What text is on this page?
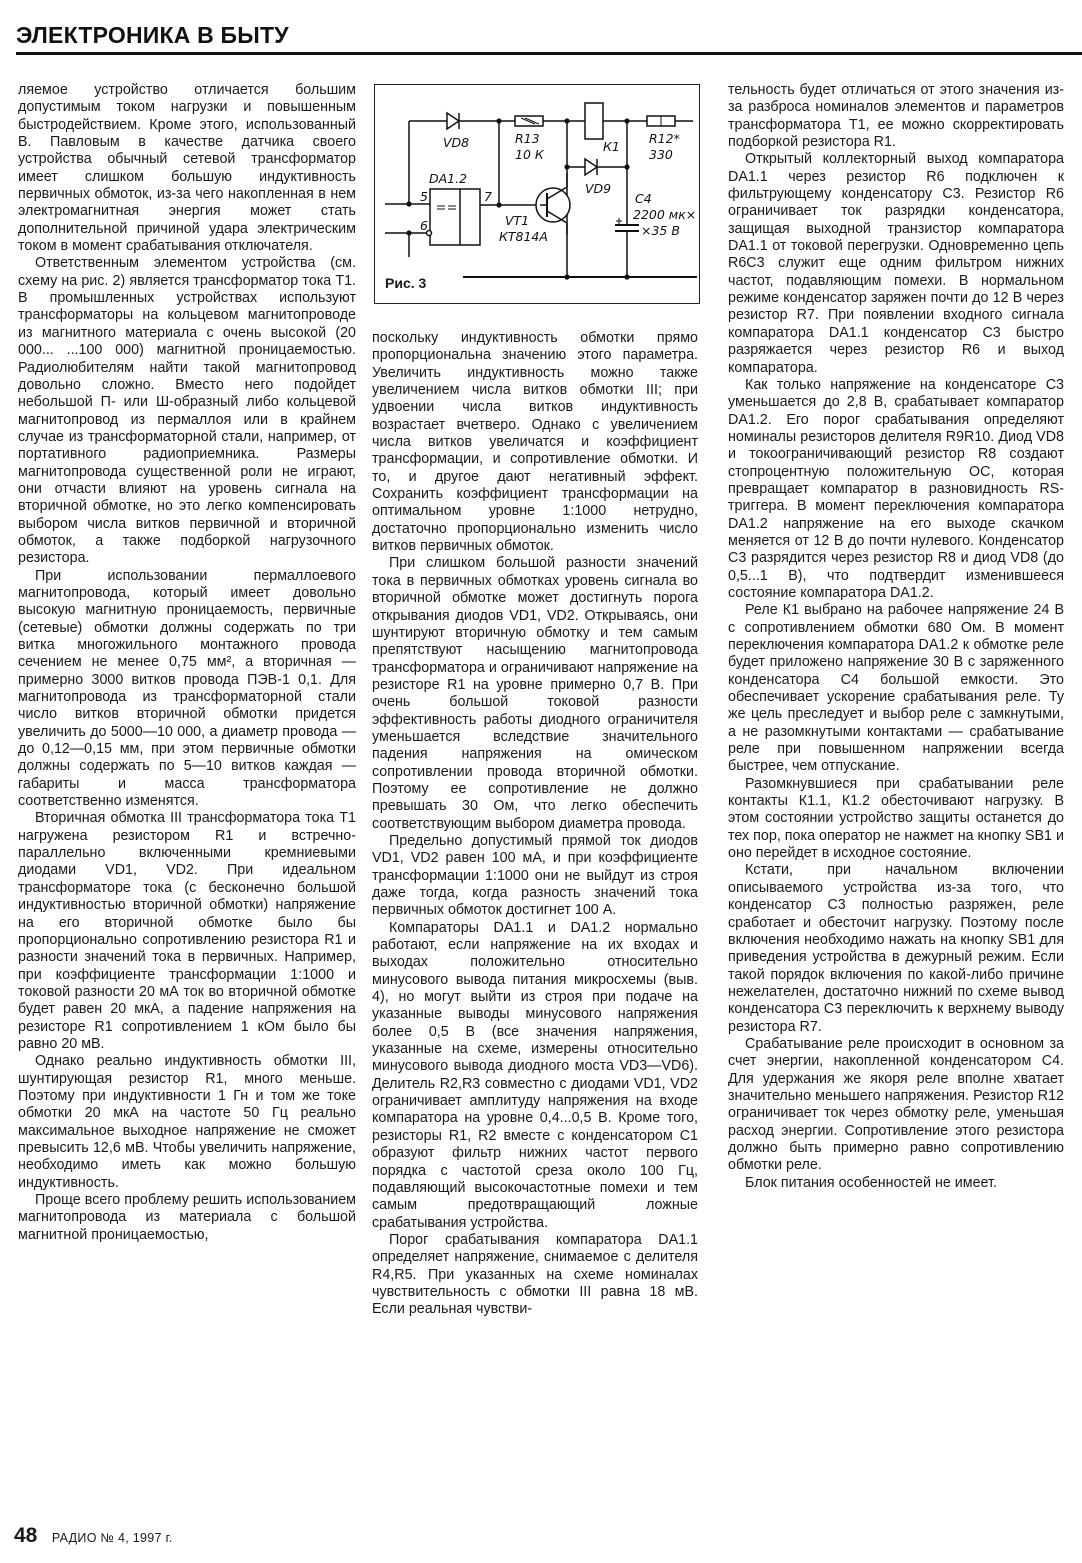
ЭЛЕКТРОНИКА В БЫТУ

ляемое устройство отличается большим допустимым током нагрузки и повышенным быстродействием. Кроме этого, использованный В. Павловым в качестве датчика своего устройства обычный сетевой трансформатор имеет слишком большую индуктивность первичных обмоток, из-за чего накопленная в нем электромагнитная энергия может стать дополнительной причиной удара электрическим током в момент срабатывания отключателя.

Ответственным элементом устройства (см. схему на рис. 2) является трансформатор тока Т1. В промышленных устройствах используют трансформаторы на кольцевом магнитопроводе из магнитного материала с очень высокой (20 000... ...100 000) магнитной проницаемостью. Радиолюбителям найти такой магнитопровод довольно сложно. Вместо него подойдет небольшой П- или Ш-образный либо кольцевой магнитопровод из пермаллоя или в крайнем случае из трансформаторной стали, например, от портативного радиоприемника. Размеры магнитопровода существенной роли не играют, они отчасти влияют на уровень сигнала на вторичной обмотке, но это легко компенсировать выбором числа витков первичной и вторичной обмоток, а также подборкой нагрузочного резистора.

При использовании пермаллоевого магнитопровода, который имеет довольно высокую магнитную проницаемость, первичные (сетевые) обмотки должны содержать по три витка многожильного монтажного провода сечением не менее 0,75 мм², а вторичная — примерно 3000 витков провода ПЭВ-1 0,1. Для магнитопровода из трансформаторной стали число витков вторичной обмотки придется увеличить до 5000—10 000, а диаметр провода — до 0,12—0,15 мм, при этом первичные обмотки должны содержать по 5—10 витков каждая — габариты и масса трансформатора соответственно изменятся.

Вторичная обмотка III трансформатора тока Т1 нагружена резистором R1 и встречно-параллельно включенными кремниевыми диодами VD1, VD2. При идеальном трансформаторе тока (с бесконечно большой индуктивностью вторичной обмотки) напряжение на его вторичной обмотке было бы пропорционально сопротивлению резистора R1 и разности значений тока в первичных. Например, при коэффициенте трансформации 1:1000 и токовой разности 20 мА ток во вторичной обмотке будет равен 20 мкА, а падение напряжения на резисторе R1 сопротивлением 1 кОм было бы равно 20 мВ.

Однако реально индуктивность обмотки III, шунтирующая резистор R1, много меньше. Поэтому при индуктивности 1 Гн и том же токе обмотки 20 мкА на частоте 50 Гц реально максимальное выходное напряжение не сможет превысить 12,6 мВ. Чтобы увеличить напряжение, необходимо иметь как можно большую индуктивность.

Проще всего проблему решить использованием магнитопровода из материала с большой магнитной проницаемостью,

VD8	R13
10 К
DA1.2
5
6
7
VT1
КТ814А
К1
VD9
R12*
330
С4
2200 мк×
×35 В
Рис. 3

поскольку индуктивность обмотки прямо пропорциональна значению этого параметра. Увеличить индуктивность можно также увеличением числа витков обмотки III; при удвоении числа витков индуктивность возрастает вчетверо. Однако с увеличением числа витков увеличатся и коэффициент трансформации, и сопротивление обмотки. И то, и другое дают негативный эффект. Сохранить коэффициент трансформации на оптимальном уровне 1:1000 нетрудно, достаточно пропорционально изменить число витков первичных обмоток.

При слишком большой разности значений тока в первичных обмотках уровень сигнала во вторичной обмотке может достигнуть порога открывания диодов VD1, VD2. Открываясь, они шунтируют вторичную обмотку и тем самым препятствуют насыщению магнитопровода трансформатора и ограничивают напряжение на резисторе R1 на уровне примерно 0,7 В. При очень большой токовой разности эффективность работы диодного ограничителя уменьшается вследствие значительного падения напряжения на омическом сопротивлении провода вторичной обмотки. Поэтому ее сопротивление не должно превышать 30 Ом, что легко обеспечить соответствующим выбором диаметра провода.

Предельно допустимый прямой ток диодов VD1, VD2 равен 100 мА, и при коэффициенте трансформации 1:1000 они не выйдут из строя даже тогда, когда разность значений тока первичных обмоток достигнет 100 А.

Компараторы DA1.1 и DA1.2 нормально работают, если напряжение на их входах и выходах положительно относительно минусового вывода питания микросхемы (выв. 4), но могут выйти из строя при подаче на указанные выводы минусового напряжения более 0,5 В (все значения напряжения, указанные на схеме, измерены относительно минусового вывода диодного моста VD3—VD6). Делитель R2,R3 совместно с диодами VD1, VD2 ограничивает амплитуду напряжения на входе компаратора на уровне 0,4...0,5 В. Кроме того, резисторы R1, R2 вместе с конденсатором С1 образуют фильтр нижних частот первого порядка с частотой среза около 100 Гц, подавляющий высокочастотные помехи и тем самым предотвращающий ложные срабатывания устройства.

Порог срабатывания компаратора DA1.1 определяет напряжение, снимаемое с делителя R4,R5. При указанных на схеме номиналах чувствительность с обмотки III равна 18 мВ. Если реальная чувстви-

тельность будет отличаться от этого значения из-за разброса номиналов элементов и параметров трансформатора Т1, ее можно скорректировать подборкой резистора R1.

Открытый коллекторный выход компаратора DA1.1 через резистор R6 подключен к фильтрующему конденсатору С3. Резистор R6 ограничивает ток разрядки конденсатора, защищая выходной транзистор компаратора DA1.1 от токовой перегрузки. Одновременно цепь R6C3 служит еще одним фильтром нижних частот, подавляющим помехи. В нормальном режиме конденсатор заряжен почти до 12 В через резистор R7. При появлении входного сигнала компаратора DA1.1 конденсатор С3 быстро разряжается через резистор R6 и выход компаратора.

Как только напряжение на конденсаторе С3 уменьшается до 2,8 В, срабатывает компаратор DA1.2. Его порог срабатывания определяют номиналы резисторов делителя R9R10. Диод VD8 и токоограничивающий резистор R8 создают стопроцентную положительную ОС, которая превращает компаратор в разновидность RS-триггера. В момент переключения компаратора DA1.2 напряжение на его выходе скачком меняется от 12 В до почти нулевого. Конденсатор С3 разрядится через резистор R8 и диод VD8 (до 0,5...1 В), что подтвердит изменившееся состояние компаратора DA1.2.

Реле К1 выбрано на рабочее напряжение 24 В с сопротивлением обмотки 680 Ом. В момент переключения компаратора DA1.2 к обмотке реле будет приложено напряжение 30 В с заряженного конденсатора С4 большой емкости. Это обеспечивает ускорение срабатывания реле. Ту же цель преследует и выбор реле с замкнутыми, а не разомкнутыми контактами — срабатывание реле при повышенном напряжении всегда быстрее, чем отпускание.

Разомкнувшиеся при срабатывании реле контакты К1.1, К1.2 обесточивают нагрузку. В этом состоянии устройство защиты останется до тех пор, пока оператор не нажмет на кнопку SB1 и оно перейдет в исходное состояние.

Кстати, при начальном включении описываемого устройства из-за того, что конденсатор С3 полностью разряжен, реле сработает и обесточит нагрузку. Поэтому после включения необходимо нажать на кнопку SB1 для приведения устройства в дежурный режим. Если такой порядок включения по какой-либо причине нежелателен, достаточно нижний по схеме вывод конденсатора С3 переключить к верхнему выводу резистора R7.

Срабатывание реле происходит в основном за счет энергии, накопленной конденсатором С4. Для удержания же якоря реле вполне хватает значительно меньшего напряжения. Резистор R12 ограничивает ток через обмотку реле, уменьшая расход энергии. Сопротивление этого резистора должно быть примерно равно сопротивлению обмотки реле.

Блок питания особенностей не имеет.

48 РАДИО № 4, 1997 г.
